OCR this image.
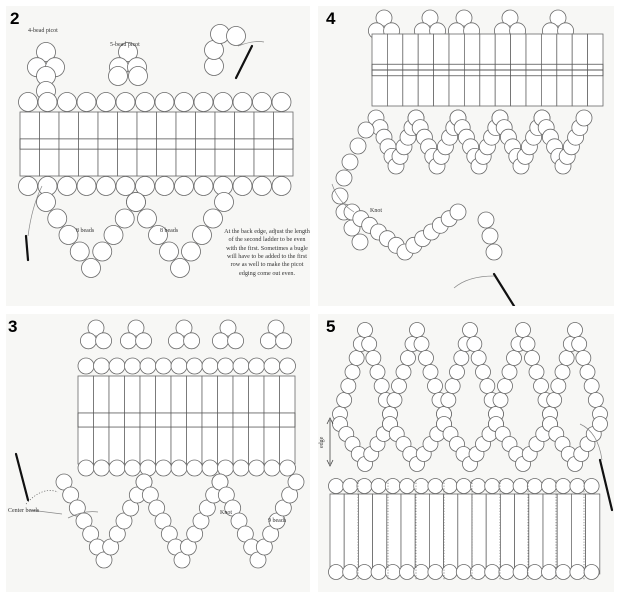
2
4-bead picot
5-bead picot
8 beads	8 beads	At the back edge, adjust the length of the second ladder to be even with the first. Sometimes a bugle will have to be added to the first row as well to make the picot edging come out even.
4
Knot
3
Center beads	Knot
9 beads
5
edge
